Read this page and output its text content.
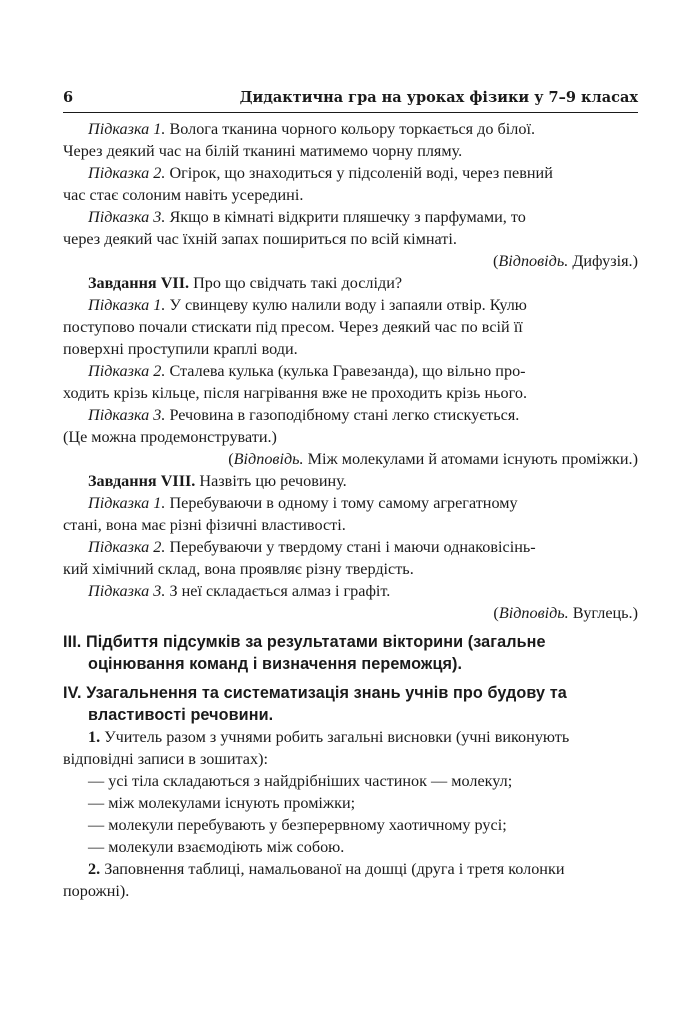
6	Дидактична гра на уроках фізики у 7–9 класах
Підказка 1. Волога тканина чорного кольору торкається до білої.
Через деякий час на білій тканині матимемо чорну пляму.
Підказка 2. Огірок, що знаходиться у підсоленій воді, через певний
час стає солоним навіть усередині.
Підказка 3. Якщо в кімнаті відкрити пляшечку з парфумами, то
через деякий час їхній запах пошириться по всій кімнаті.
(Відповідь. Дифузія.)
Завдання VII. Про що свідчать такі досліди?
Підказка 1. У свинцеву кулю налили воду і запаяли отвір. Кулю
поступово почали стискати під пресом. Через деякий час по всій її
поверхні проступили краплі води.
Підказка 2. Сталева кулька (кулька Гравезанда), що вільно про-
ходить крізь кільце, після нагрівання вже не проходить крізь нього.
Підказка 3. Речовина в газоподібному стані легко стискується.
(Це можна продемонструвати.)
(Відповідь. Між молекулами й атомами існують проміжки.)
Завдання VIII. Назвіть цю речовину.
Підказка 1. Перебуваючи в одному і тому самому агрегатному
стані, вона має різні фізичні властивості.
Підказка 2. Перебуваючи у твердому стані і маючи однаковісінь-
кий хімічний склад, вона проявляє різну твердість.
Підказка 3. З неї складається алмаз і графіт.
(Відповідь. Вуглець.)
ІІІ. Підбиття підсумків за результатами вікторини (загальне
оцінювання команд і визначення переможця).
IV. Узагальнення та систематизація знань учнів про будову та
властивості речовини.
1. Учитель разом з учнями робить загальні висновки (учні виконують
відповідні записи в зошитах):
— усі тіла складаються з найдрібніших частинок — молекул;
— між молекулами існують проміжки;
— молекули перебувають у безперервному хаотичному русі;
— молекули взаємодіють між собою.
2. Заповнення таблиці, намальованої на дошці (друга і третя колонки
порожні).
